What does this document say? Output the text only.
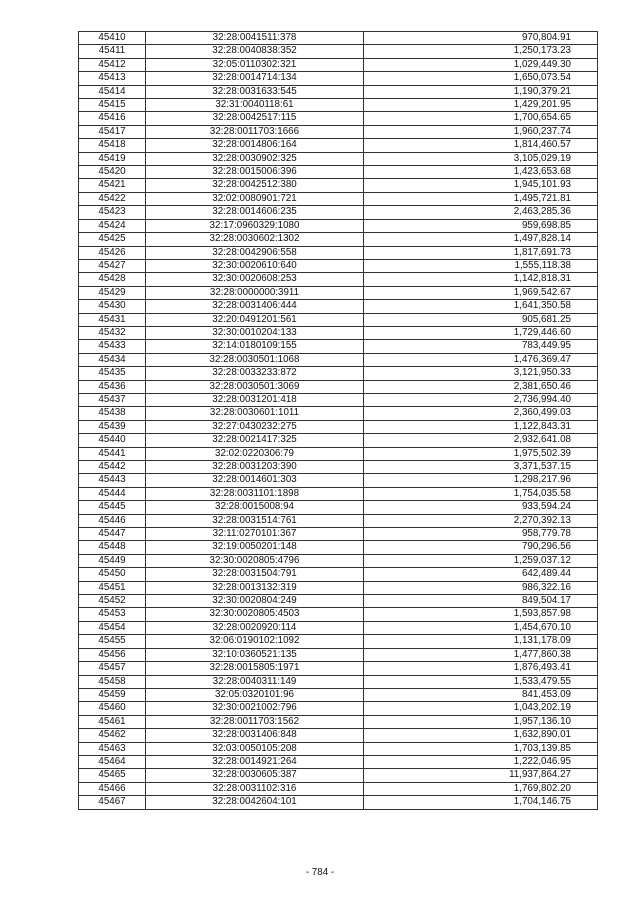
45410	32:28:0041511:378	970,804.91
45411	32:28:0040838:352	1,250,173.23
45412	32:05:0110302:321	1,029,449.30
45413	32:28:0014714:134	1,650,073.54
45414	32:28:0031633:545	1,190,379.21
45415	32:31:0040118:61	1,429,201.95
45416	32:28:0042517:115	1,700,654.65
45417	32:28:0011703:1666	1,960,237.74
45418	32:28:0014806:164	1,814,460.57
45419	32:28:0030902:325	3,105,029.19
45420	32:28:0015006:396	1,423,653.68
45421	32:28:0042512:380	1,945,101.93
45422	32:02:0080901:721	1,495,721.81
45423	32:28:0014606:235	2,463,285.36
45424	32:17:0960329:1080	959,698.85
45425	32:28:0030602:1302	1,497,828.14
45426	32:28:0042906:558	1,817,691.73
45427	32:30:0020610:640	1,555,118.38
45428	32:30:0020608:253	1,142,818.31
45429	32:28:0000000:3911	1,969,542.67
45430	32:28:0031406:444	1,641,350.58
45431	32:20:0491201:561	905,681.25
45432	32:30:0010204:133	1,729,446.60
45433	32:14:0180109:155	783,449.95
45434	32:28:0030501:1068	1,476,369.47
45435	32:28:0033233:872	3,121,950.33
45436	32:28:0030501:3069	2,381,650.46
45437	32:28:0031201:418	2,736,994.40
45438	32:28:0030601:1011	2,360,499.03
45439	32:27:0430232:275	1,122,843.31
45440	32:28:0021417:325	2,932,641.08
45441	32:02:0220306:79	1,975,502.39
45442	32:28:0031203:390	3,371,537.15
45443	32:28:0014601:303	1,298,217.96
45444	32:28:0031101:1898	1,754,035.58
45445	32:28:0015008:94	933,594.24
45446	32:28:0031514:761	2,270,392.13
45447	32:11:0270101:367	958,779.78
45448	32:19:0050201:148	790,296.56
45449	32:30:0020805:4796	1,259,037.12
45450	32:28:0031504:791	642,489.44
45451	32:28:0013132:319	986,322.16
45452	32:30:0020804:249	849,504.17
45453	32:30:0020805:4503	1,593,857.98
45454	32:28:0020920:114	1,454,670.10
45455	32:06:0190102:1092	1,131,178.09
45456	32:10:0360521:135	1,477,860.38
45457	32:28:0015805:1971	1,876,493.41
45458	32:28:0040311:149	1,533,479.55
45459	32:05:0320101:96	841,453.09
45460	32:30:0021002:796	1,043,202.19
45461	32:28:0011703:1562	1,957,136.10
45462	32:28:0031406:848	1,632,890.01
45463	32:03:0050105:208	1,703,139.85
45464	32:28:0014921:264	1,222,046.95
45465	32:28:0030605:387	11,937,864.27
45466	32:28:0031102:316	1,769,802.20
45467	32:28:0042604:101	1,704,146.75
- 784 -
